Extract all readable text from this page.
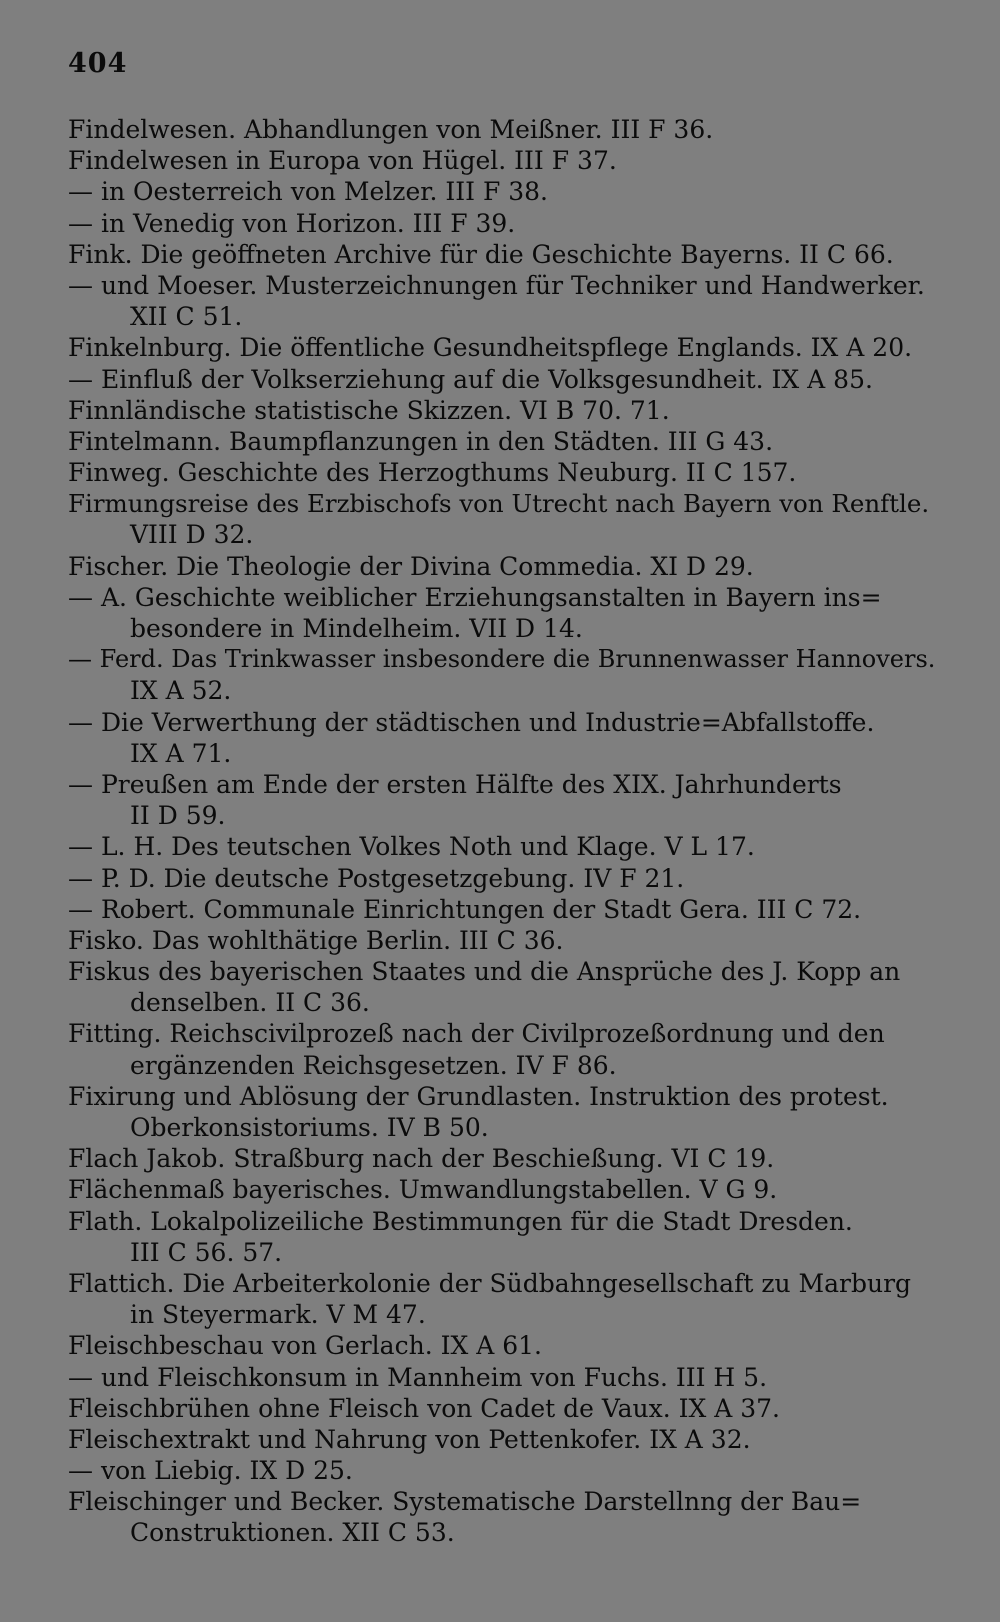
404
Findelwesen. Abhandlungen von Meißner. III F 36.
Findelwesen in Europa von Hügel. III F 37.
— in Oesterreich von Melzer. III F 38.
— in Venedig von Horizon. III F 39.
Fink. Die geöffneten Archive für die Geschichte Bayerns. II C 66.
— und Moeser. Musterzeichnungen für Techniker und Handwerker.
XII C 51.
Finkelnburg. Die öffentliche Gesundheitspflege Englands. IX A 20.
— Einfluß der Volkserziehung auf die Volksgesundheit. IX A 85.
Finnländische statistische Skizzen. VI B 70. 71.
Fintelmann. Baumpflanzungen in den Städten. III G 43.
Finweg. Geschichte des Herzogthums Neuburg. II C 157.
Firmungsreise des Erzbischofs von Utrecht nach Bayern von Renftle.
VIII D 32.
Fischer. Die Theologie der Divina Commedia. XI D 29.
— A. Geschichte weiblicher Erziehungsanstalten in Bayern ins=
besondere in Mindelheim. VII D 14.
— Ferd. Das Trinkwasser insbesondere die Brunnenwasser Hannovers.
IX A 52.
— Die Verwerthung der städtischen und Industrie=Abfallstoffe.
IX A 71.
— Preußen am Ende der ersten Hälfte des XIX. Jahrhunderts
II D 59.
— L. H. Des teutschen Volkes Noth und Klage. V L 17.
— P. D. Die deutsche Postgesetzgebung. IV F 21.
— Robert. Communale Einrichtungen der Stadt Gera. III C 72.
Fisko. Das wohlthätige Berlin. III C 36.
Fiskus des bayerischen Staates und die Ansprüche des J. Kopp an
denselben. II C 36.
Fitting. Reichscivilprozeß nach der Civilprozeßordnung und den
ergänzenden Reichsgesetzen. IV F 86.
Fixirung und Ablösung der Grundlasten. Instruktion des protest.
Oberkonsistoriums. IV B 50.
Flach Jakob. Straßburg nach der Beschießung. VI C 19.
Flächenmaß bayerisches. Umwandlungstabellen. V G 9.
Flath. Lokalpolizeiliche Bestimmungen für die Stadt Dresden.
III C 56. 57.
Flattich. Die Arbeiterkolonie der Südbahngesellschaft zu Marburg
in Steyermark. V M 47.
Fleischbeschau von Gerlach. IX A 61.
— und Fleischkonsum in Mannheim von Fuchs. III H 5.
Fleischbrühen ohne Fleisch von Cadet de Vaux. IX A 37.
Fleischextrakt und Nahrung von Pettenkofer. IX A 32.
— von Liebig. IX D 25.
Fleischinger und Becker. Systematische Darstellnng der Bau=
Construktionen. XII C 53.
